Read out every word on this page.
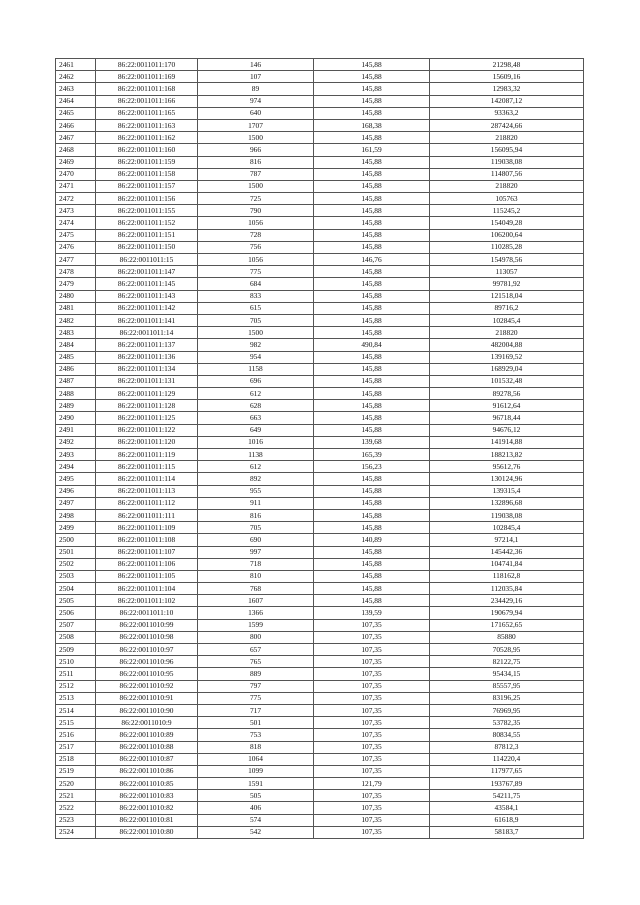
2461	86:22:0011011:170	146	145,88	21298,48
2462	86:22:0011011:169	107	145,88	15609,16
2463	86:22:0011011:168	89	145,88	12983,32
2464	86:22:0011011:166	974	145,88	142087,12
2465	86:22:0011011:165	640	145,88	93363,2
2466	86:22:0011011:163	1707	168,38	287424,66
2467	86:22:0011011:162	1500	145,88	218820
2468	86:22:0011011:160	966	161,59	156095,94
2469	86:22:0011011:159	816	145,88	119038,08
2470	86:22:0011011:158	787	145,88	114807,56
2471	86:22:0011011:157	1500	145,88	218820
2472	86:22:0011011:156	725	145,88	105763
2473	86:22:0011011:155	790	145,88	115245,2
2474	86:22:0011011:152	1056	145,88	154049,28
2475	86:22:0011011:151	728	145,88	106200,64
2476	86:22:0011011:150	756	145,88	110285,28
2477	86:22:0011011:15	1056	146,76	154978,56
2478	86:22:0011011:147	775	145,88	113057
2479	86:22:0011011:145	684	145,88	99781,92
2480	86:22:0011011:143	833	145,88	121518,04
2481	86:22:0011011:142	615	145,88	89716,2
2482	86:22:0011011:141	705	145,88	102845,4
2483	86:22:0011011:14	1500	145,88	218820
2484	86:22:0011011:137	982	490,84	482004,88
2485	86:22:0011011:136	954	145,88	139169,52
2486	86:22:0011011:134	1158	145,88	168929,04
2487	86:22:0011011:131	696	145,88	101532,48
2488	86:22:0011011:129	612	145,88	89278,56
2489	86:22:0011011:128	628	145,88	91612,64
2490	86:22:0011011:125	663	145,88	96718,44
2491	86:22:0011011:122	649	145,88	94676,12
2492	86:22:0011011:120	1016	139,68	141914,88
2493	86:22:0011011:119	1138	165,39	188213,82
2494	86:22:0011011:115	612	156,23	95612,76
2495	86:22:0011011:114	892	145,88	130124,96
2496	86:22:0011011:113	955	145,88	139315,4
2497	86:22:0011011:112	911	145,88	132896,68
2498	86:22:0011011:111	816	145,88	119038,08
2499	86:22:0011011:109	705	145,88	102845,4
2500	86:22:0011011:108	690	140,89	97214,1
2501	86:22:0011011:107	997	145,88	145442,36
2502	86:22:0011011:106	718	145,88	104741,84
2503	86:22:0011011:105	810	145,88	118162,8
2504	86:22:0011011:104	768	145,88	112035,84
2505	86:22:0011011:102	1607	145,88	234429,16
2506	86:22:0011011:10	1366	139,59	190679,94
2507	86:22:0011010:99	1599	107,35	171652,65
2508	86:22:0011010:98	800	107,35	85880
2509	86:22:0011010:97	657	107,35	70528,95
2510	86:22:0011010:96	765	107,35	82122,75
2511	86:22:0011010:95	889	107,35	95434,15
2512	86:22:0011010:92	797	107,35	85557,95
2513	86:22:0011010:91	775	107,35	83196,25
2514	86:22:0011010:90	717	107,35	76969,95
2515	86:22:0011010:9	501	107,35	53782,35
2516	86:22:0011010:89	753	107,35	80834,55
2517	86:22:0011010:88	818	107,35	87812,3
2518	86:22:0011010:87	1064	107,35	114220,4
2519	86:22:0011010:86	1099	107,35	117977,65
2520	86:22:0011010:85	1591	121,79	193767,89
2521	86:22:0011010:83	505	107,35	54211,75
2522	86:22:0011010:82	406	107,35	43584,1
2523	86:22:0011010:81	574	107,35	61618,9
2524	86:22:0011010:80	542	107,35	58183,7
